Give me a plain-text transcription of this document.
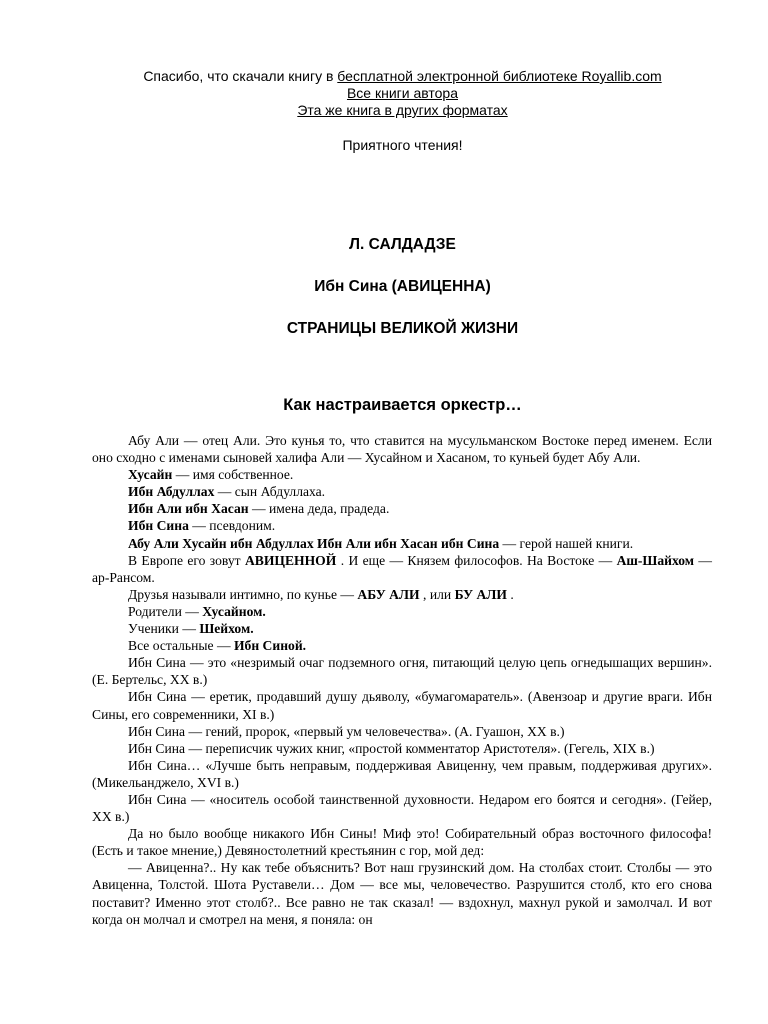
Спасибо, что скачали книгу в бесплатной электронной библиотеке Royallib.com
Все книги автора
Эта же книга в других форматах
Приятного чтения!
Л. САЛДАДЗЕ
Ибн Сина (АВИЦЕННА)
СТРАНИЦЫ ВЕЛИКОЙ ЖИЗНИ
Как настраивается оркестр…

Абу Али — отец Али. Это кунья то, что ставится на мусульманском Востоке перед именем. Если оно сходно с именами сыновей халифа Али — Хусайном и Хасаном, то куньей будет Абу Али.

Хусайн — имя собственное.

Ибн Абдуллах — сын Абдуллаха.

Ибн Али ибн Хасан — имена деда, прадеда.

Ибн Сина — псевдоним.

Абу Али Хусайн ибн Абдуллах Ибн Али ибн Хасан ибн Сина — герой нашей книги.

В Европе его зовут АВИЦЕННОЙ . И еще — Князем философов. На Востоке — Аш-Шайхом — ар-Рансом.

Друзья называли интимно, по кунье — АБУ АЛИ , или БУ АЛИ .

Родители — Хусайном.

Ученики — Шейхом.

Все остальные — Ибн Синой.

Ибн Сина — это «незримый очаг подземного огня, питающий целую цепь огнедышащих вершин». (Е. Бертельс, XX в.)

Ибн Сина — еретик, продавший душу дьяволу, «бумагомаратель». (Авензоар и другие враги. Ибн Сины, его современники, XI в.)

Ибн Сина — гений, пророк, «первый ум человечества». (А. Гуашон, XX в.)

Ибн Сина — переписчик чужих книг, «простой комментатор Аристотеля». (Гегель, XIX в.)

Ибн Сина… «Лучше быть неправым, поддерживая Авиценну, чем правым, поддерживая других». (Микельанджело, XVI в.)

Ибн Сина — «носитель особой таинственной духовности. Недаром его боятся и сегодня». (Гейер, XX в.)

Да но было вообще никакого Ибн Сины! Миф это! Собирательный образ восточного философа! (Есть и такое мнение,) Девяностолетний крестьянин с гор, мой дед:

— Авиценна?.. Ну как тебе объяснить? Вот наш грузинский дом. На столбах стоит. Столбы — это Авиценна, Толстой. Шота Руставели… Дом — все мы, человечество. Разрушится столб, кто его снова поставит? Именно этот столб?.. Все равно не так сказал! — вздохнул, махнул рукой и замолчал. И вот когда он молчал и смотрел на меня, я поняла: он
